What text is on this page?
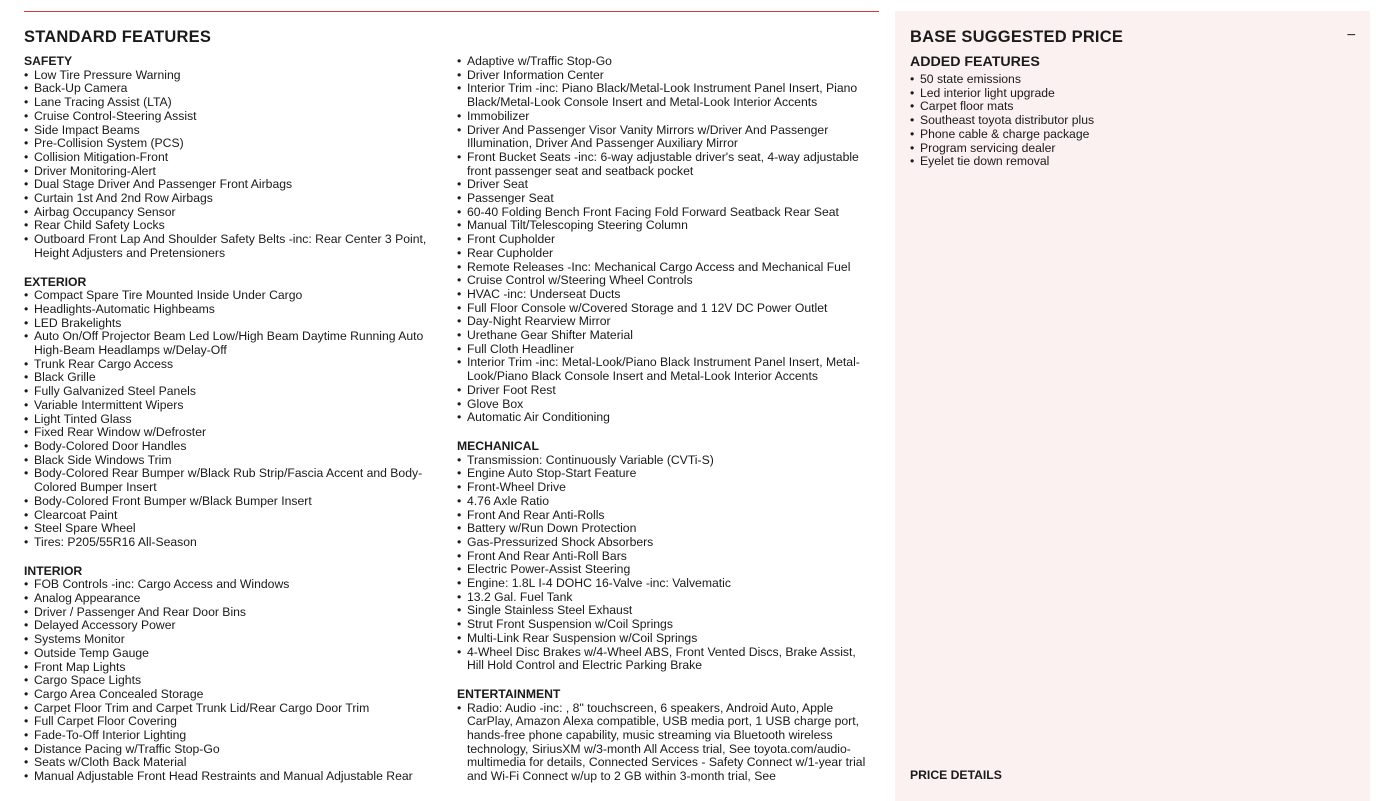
STANDARD FEATURES
SAFETY
• Low Tire Pressure Warning
• Back-Up Camera
• Lane Tracing Assist (LTA)
• Cruise Control-Steering Assist
• Side Impact Beams
• Pre-Collision System (PCS)
• Collision Mitigation-Front
• Driver Monitoring-Alert
• Dual Stage Driver And Passenger Front Airbags
• Curtain 1st And 2nd Row Airbags
• Airbag Occupancy Sensor
• Rear Child Safety Locks
• Outboard Front Lap And Shoulder Safety Belts -inc: Rear Center 3 Point, Height Adjusters and Pretensioners
EXTERIOR
• Compact Spare Tire Mounted Inside Under Cargo
• Headlights-Automatic Highbeams
• LED Brakelights
• Auto On/Off Projector Beam Led Low/High Beam Daytime Running Auto High-Beam Headlamps w/Delay-Off
• Trunk Rear Cargo Access
• Black Grille
• Fully Galvanized Steel Panels
• Variable Intermittent Wipers
• Light Tinted Glass
• Fixed Rear Window w/Defroster
• Body-Colored Door Handles
• Black Side Windows Trim
• Body-Colored Rear Bumper w/Black Rub Strip/Fascia Accent and Body-Colored Bumper Insert
• Body-Colored Front Bumper w/Black Bumper Insert
• Clearcoat Paint
• Steel Spare Wheel
• Tires: P205/55R16 All-Season
INTERIOR
• FOB Controls -inc: Cargo Access and Windows
• Analog Appearance
• Driver / Passenger And Rear Door Bins
• Delayed Accessory Power
• Systems Monitor
• Outside Temp Gauge
• Front Map Lights
• Cargo Space Lights
• Cargo Area Concealed Storage
• Carpet Floor Trim and Carpet Trunk Lid/Rear Cargo Door Trim
• Full Carpet Floor Covering
• Fade-To-Off Interior Lighting
• Distance Pacing w/Traffic Stop-Go
• Seats w/Cloth Back Material
• Manual Adjustable Front Head Restraints and Manual Adjustable Rear
• Adaptive w/Traffic Stop-Go
• Driver Information Center
• Interior Trim -inc: Piano Black/Metal-Look Instrument Panel Insert, Piano Black/Metal-Look Console Insert and Metal-Look Interior Accents
• Immobilizer
• Driver And Passenger Visor Vanity Mirrors w/Driver And Passenger Illumination, Driver And Passenger Auxiliary Mirror
• Front Bucket Seats -inc: 6-way adjustable driver's seat, 4-way adjustable front passenger seat and seatback pocket
• Driver Seat
• Passenger Seat
• 60-40 Folding Bench Front Facing Fold Forward Seatback Rear Seat
• Manual Tilt/Telescoping Steering Column
• Front Cupholder
• Rear Cupholder
• Remote Releases -Inc: Mechanical Cargo Access and Mechanical Fuel
• Cruise Control w/Steering Wheel Controls
• HVAC -inc: Underseat Ducts
• Full Floor Console w/Covered Storage and 1 12V DC Power Outlet
• Day-Night Rearview Mirror
• Urethane Gear Shifter Material
• Full Cloth Headliner
• Interior Trim -inc: Metal-Look/Piano Black Instrument Panel Insert, Metal-Look/Piano Black Console Insert and Metal-Look Interior Accents
• Driver Foot Rest
• Glove Box
• Automatic Air Conditioning
MECHANICAL
• Transmission: Continuously Variable (CVTi-S)
• Engine Auto Stop-Start Feature
• Front-Wheel Drive
• 4.76 Axle Ratio
• Front And Rear Anti-Rolls
• Battery w/Run Down Protection
• Gas-Pressurized Shock Absorbers
• Front And Rear Anti-Roll Bars
• Electric Power-Assist Steering
• Engine: 1.8L I-4 DOHC 16-Valve -inc: Valvematic
• 13.2 Gal. Fuel Tank
• Single Stainless Steel Exhaust
• Strut Front Suspension w/Coil Springs
• Multi-Link Rear Suspension w/Coil Springs
• 4-Wheel Disc Brakes w/4-Wheel ABS, Front Vented Discs, Brake Assist, Hill Hold Control and Electric Parking Brake
ENTERTAINMENT
• Radio: Audio -inc: , 8" touchscreen, 6 speakers, Android Auto, Apple CarPlay, Amazon Alexa compatible, USB media port, 1 USB charge port, hands-free phone capability, music streaming via Bluetooth wireless technology, SiriusXM w/3-month All Access trial, See toyota.com/audio-multimedia for details, Connected Services - Safety Connect w/1-year trial and Wi-Fi Connect w/up to 2 GB within 3-month trial, See
BASE SUGGESTED PRICE	−
ADDED FEATURES
• 50 state emissions
• Led interior light upgrade
• Carpet floor mats
• Southeast toyota distributor plus
• Phone cable & charge package
• Program servicing dealer
• Eyelet tie down removal
PRICE DETAILS
